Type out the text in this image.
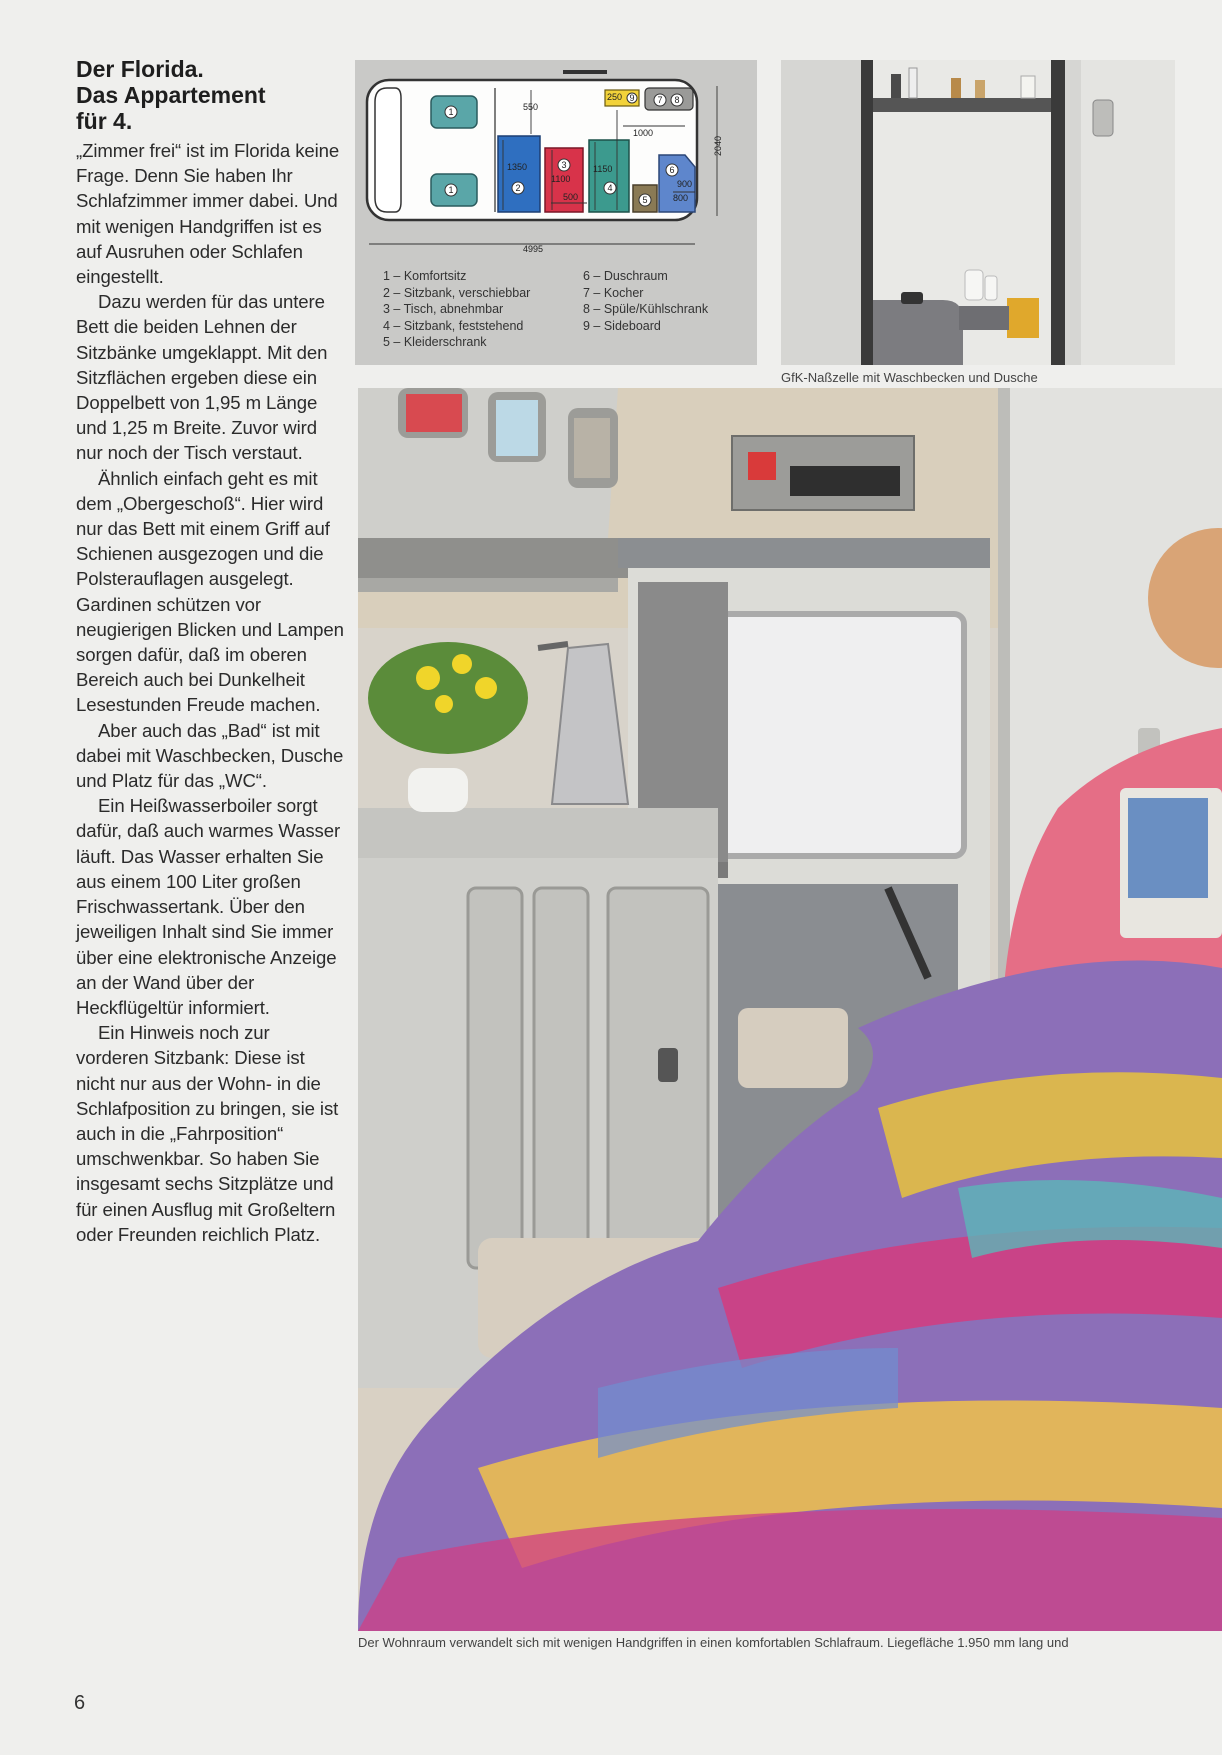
Der Florida.
Das Appartement
für 4.

„Zimmer frei“ ist im Florida keine Frage. Denn Sie haben Ihr Schlafzimmer immer dabei. Und mit wenigen Handgriffen ist es auf Ausruhen oder Schlafen eingestellt.

Dazu werden für das untere Bett die beiden Lehnen der Sitzbänke umgeklappt. Mit den Sitzflächen ergeben diese ein Doppelbett von 1,95 m Länge und 1,25 m Breite. Zuvor wird nur noch der Tisch verstaut.

Ähnlich einfach geht es mit dem „Obergeschoß“. Hier wird nur das Bett mit einem Griff auf Schienen ausgezogen und die Polsterauflagen ausgelegt. Gardinen schützen vor neugierigen Blicken und Lampen sorgen dafür, daß im oberen Bereich auch bei Dunkelheit Lesestunden Freude machen.

Aber auch das „Bad“ ist mit dabei mit Waschbecken, Dusche und Platz für das „WC“.

Ein Heißwasserboiler sorgt dafür, daß auch warmes Wasser läuft. Das Wasser erhalten Sie aus einem 100 Liter großen Frischwassertank. Über den jeweiligen Inhalt sind Sie immer über eine elektronische Anzeige an der Wand über der Heckflügeltür informiert.

Ein Hinweis noch zur vorderen Sitzbank: Diese ist nicht nur aus der Wohn- in die Schlafposition zu bringen, sie ist auch in die „Fahrposition“ umschwenkbar. So haben Sie insgesamt sechs Sitzplätze und für einen Ausflug mit Großeltern oder Freunden reichlich Platz.

1
1	2
3
4
5
6
7 8
9
550
250
1000
1350
1100
1150
500
900
800
2040
4995
1 – Komfortsitz
2 – Sitzbank, verschiebbar
3 – Tisch, abnehmbar
4 – Sitzbank, feststehend
5 – Kleiderschrank
6 – Duschraum
7 – Kocher
8 – Spüle/Kühlschrank
9 – Sideboard
GfK-Naßzelle mit Waschbecken und Dusche
Der Wohnraum verwandelt sich mit wenigen Handgriffen in einen komfortablen Schlafraum. Liegefläche 1.950 mm lang und
6
